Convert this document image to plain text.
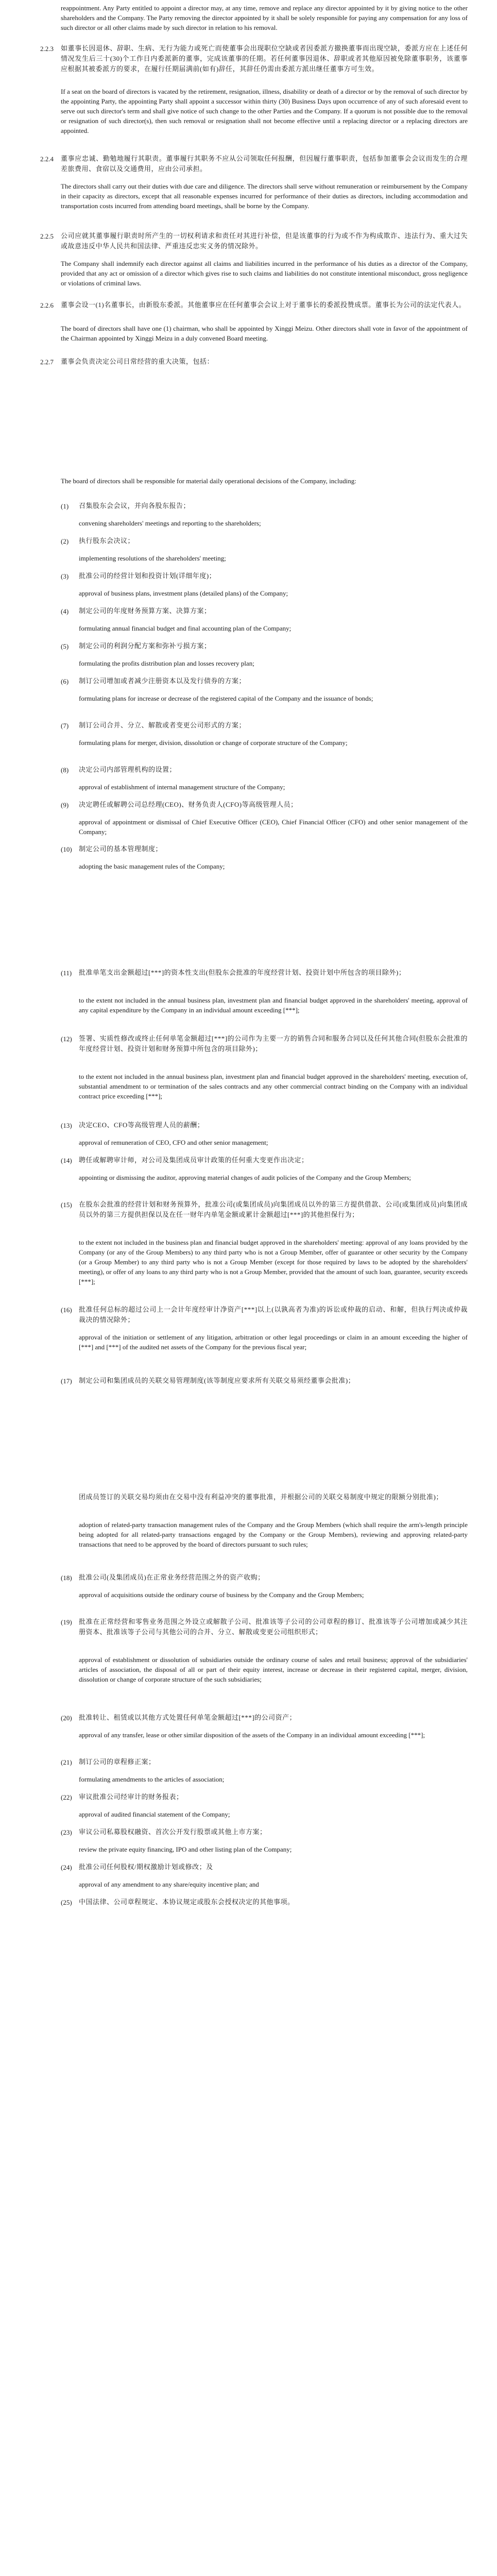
reappointment. Any Party entitled to appoint a director may, at any time, remove and replace any director appointed by it by giving notice to the other shareholders and the Company. The Party removing the director appointed by it shall be solely responsible for paying any compensation for any loss of such director or all other claims made by such director in relation to his removal.

2.2.3 如董事长因退休、辞职、生病、无行为能力或死亡而使董事会出现职位空缺或者因委派方撤换董事而出现空缺，委派方应在上述任何情况发生后三十(30)个工作日内委派新的董事，完成该董事的任期。若任何董事因退休、辞职或者其他原因被免除董事职务，该董事应根据其被委派方的要求，在履行任期届满前(如有)辞任，其辞任仍需由委派方派出继任董事方可生效。

If a seat on the board of directors is vacated by the retirement, resignation, illness, disability or death of a director or by the removal of such director by the appointing Party, the appointing Party shall appoint a successor within thirty (30) Business Days upon occurrence of any of such aforesaid event to serve out such director's term and shall give notice of such change to the other Parties and the Company. If a quorum is not possible due to the removal or resignation of such director(s), then such removal or resignation shall not become effective until a replacing director or a replacing directors are appointed.

2.2.4 董事应忠诚、勤勉地履行其职责。董事履行其职务不应从公司领取任何报酬，但因履行董事职责，包括参加董事会会议而发生的合理差旅费用、食宿以及交通费用，应由公司承担。

The directors shall carry out their duties with due care and diligence. The directors shall serve without remuneration or reimbursement by the Company in their capacity as directors, except that all reasonable expenses incurred for performance of their duties as directors, including accommodation and transportation costs incurred from attending board meetings, shall be borne by the Company.

2.2.5 公司应就其董事履行职责时所产生的一切权利请求和责任对其进行补偿，但是该董事的行为或不作为构成欺诈、违法行为、重大过失或故意违反中华人民共和国法律、严重违反忠实义务的情况除外。

The Company shall indemnify each director against all claims and liabilities incurred in the performance of his duties as a director of the Company, provided that any act or omission of a director which gives rise to such claims and liabilities do not constitute intentional misconduct, gross negligence or violations of criminal laws.

2.2.6 董事会设一(1)名董事长，由新股东委派。其他董事应在任何董事会会议上对于董事长的委派投赞成票。董事长为公司的法定代表人。

The board of directors shall have one (1) chairman, who shall be appointed by Xinggi Meizu. Other directors shall vote in favor of the appointment of the Chairman appointed by Xinggi Meizu in a duly convened Board meeting.

2.2.7 董事会负责决定公司日常经营的重大决策，包括：

The board of directors shall be responsible for material daily operational decisions of the Company, including:

(1) 召集股东会会议，并向各股东报告；

convening shareholders' meetings and reporting to the shareholders;

(2) 执行股东会决议；

implementing resolutions of the shareholders' meeting;

(3) 批准公司的经营计划和投资计划(详细年度)；

approval of business plans, investment plans (detailed plans) of the Company;

(4) 制定公司的年度财务预算方案、决算方案；

formulating annual financial budget and final accounting plan of the Company;

(5) 制定公司的利润分配方案和弥补亏损方案；

formulating the profits distribution plan and losses recovery plan;

(6) 制订公司增加或者减少注册资本以及发行债券的方案；

formulating plans for increase or decrease of the registered capital of the Company and the issuance of bonds;

(7) 制订公司合并、分立、解散或者变更公司形式的方案；

formulating plans for merger, division, dissolution or change of corporate structure of the Company;

(8) 决定公司内部管理机构的设置；

approval of establishment of internal management structure of the Company;

(9) 决定聘任或解聘公司总经理(CEO)、财务负责人(CFO)等高级管理人员；

approval of appointment or dismissal of Chief Executive Officer (CEO), Chief Financial Officer (CFO) and other senior management of the Company;

(10) 制定公司的基本管理制度；

adopting the basic management rules of the Company;

(11) 批准单笔支出金额超过[***]的资本性支出(但股东会批准的年度经营计划、投资计划中所包含的项目除外)；

to the extent not included in the annual business plan, investment plan and financial budget approved in the shareholders' meeting, approval of any capital expenditure by the Company in an individual amount exceeding [***];

(12) 签署、实质性修改或终止任何单笔金额超过[***]的公司作为主要一方的销售合同和服务合同以及任何其他合同(但股东会批准的年度经营计划、投资计划和财务预算中所包含的项目除外)；

to the extent not included in the annual business plan, investment plan and financial budget approved in the shareholders' meeting, execution of, substantial amendment to or termination of the sales contracts and any other commercial contract binding on the Company with an individual contract price exceeding [***];

(13) 决定CEO、CFO等高级管理人员的薪酬；

approval of remuneration of CEO, CFO and other senior management;

(14) 聘任或解聘审计师，对公司及集团成员审计政策的任何重大变更作出决定；

appointing or dismissing the auditor, approving material changes of audit policies of the Company and the Group Members;

(15) 在股东会批准的经营计划和财务预算外，批准公司(或集团成员)向集团成员以外的第三方提供借款、公司(或集团成员)向集团成员以外的第三方提供担保以及在任一财年内单笔金额或累计金额超过[***]的其他担保行为；

to the extent not included in the business plan and financial budget approved in the shareholders' meeting: approval of any loans provided by the Company (or any of the Group Members) to any third party who is not a Group Member, offer of guarantee or other security by the Company (or a Group Member) to any third party who is not a Group Member (except for those required by laws to be adopted by the shareholders' meeting), or offer of any loans to any third party who is not a Group Member, provided that the amount of such loan, guarantee, security exceeds [***];

(16) 批准任何总标的超过公司上一会计年度经审计净资产[***]以上(以孰高者为准)的诉讼或仲裁的启动、和解，但执行判决或仲裁裁决的情况除外；

approval of the initiation or settlement of any litigation, arbitration or other legal proceedings or claim in an amount exceeding the higher of [***] and [***] of the audited net assets of the Company for the previous fiscal year;

(17) 制定公司和集团成员的关联交易管理制度(该等制度应要求所有关联交易须经董事会批准)；

团成员签订的关联交易均须由在交易中没有利益冲突的董事批准，并根据公司的关联交易制度中规定的限额分别批准)；

adoption of related-party transaction management rules of the Company and the Group Members (which shall require the arm's-length principle being adopted for all related-party transactions engaged by the Company or the Group Members), reviewing and approving related-party transactions that need to be approved by the board of directors pursuant to such rules;

(18) 批准公司(及集团成员)在正常业务经营范围之外的资产收购；

approval of acquisitions outside the ordinary course of business by the Company and the Group Members;

(19) 批准在正常经营和零售业务范围之外设立或解散子公司、批准该等子公司的公司章程的修订、批准该等子公司增加或减少其注册资本、批准该等子公司与其他公司的合并、分立、解散或变更公司组织形式；

approval of establishment or dissolution of subsidiaries outside the ordinary course of sales and retail business; approval of the subsidiaries' articles of association, the disposal of all or part of their equity interest, increase or decrease in their registered capital, merger, division, dissolution or change of corporate structure of the such subsidiaries;

(20) 批准转让、租赁或以其他方式处置任何单笔金额超过[***]的公司资产；

approval of any transfer, lease or other similar disposition of the assets of the Company in an individual amount exceeding [***];

(21) 制订公司的章程修正案；

formulating amendments to the articles of association;

(22) 审议批准公司经审计的财务报表；

approval of audited financial statement of the Company;

(23) 审议公司私募股权融资、首次公开发行股票或其他上市方案；

review the private equity financing, IPO and other listing plan of the Company;

(24) 批准公司任何股权/期权激励计划或修改；及

approval of any amendment to any share/equity incentive plan; and

(25) 中国法律、公司章程规定、本协议规定或股东会授权决定的其他事项。
